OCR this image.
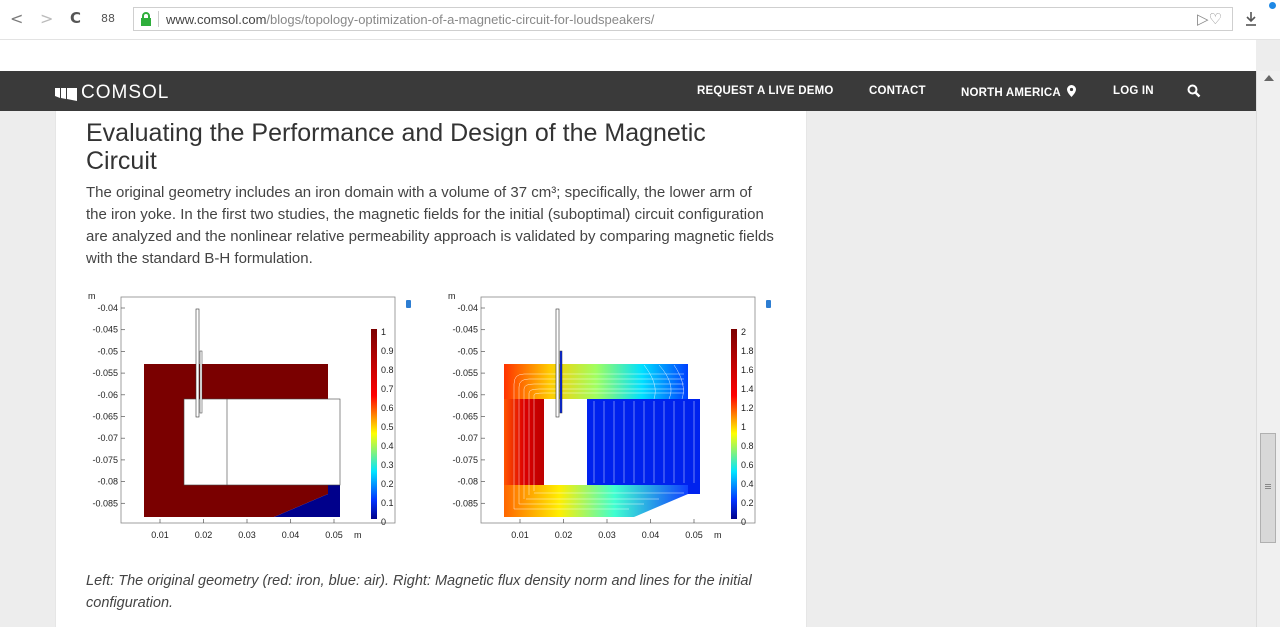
< > C 88	www.comsol.com/blogs/topology-optimization-of-a-magnetic-circuit-for-loudspeakers/	▷♡
COMSOL	REQUEST A LIVE DEMO	CONTACT	NORTH AMERICA	LOG IN
Evaluating the Performance and Design of the Magnetic Circuit

The original geometry includes an iron domain with a volume of 37 cm³; specifically, the lower arm of the iron yoke. In the first two studies, the magnetic fields for the initial (suboptimal) circuit configuration are analyzed and the nonlinear relative permeability approach is validated by comparing magnetic fields with the standard B-H formulation.

m
-0.04
-0.045
-0.05
-0.055
-0.06
-0.065
-0.07
-0.075
-0.08
-0.085
0.01	0.02	0.03	0.04	0.05 m
1
0.9
0.8
0.7
0.6
0.5
0.4
0.3
0.2
0.1
0
m
-0.04
-0.045
-0.05
-0.055
-0.06
-0.065
-0.07
-0.075
-0.08
-0.085
0.01	0.02	0.03	0.04	0.05 m
2
1.8
1.6
1.4
1.2
1
0.8
0.6
0.4
0.2
0

Left: The original geometry (red: iron, blue: air). Right: Magnetic flux density norm and lines for the initial configuration.
